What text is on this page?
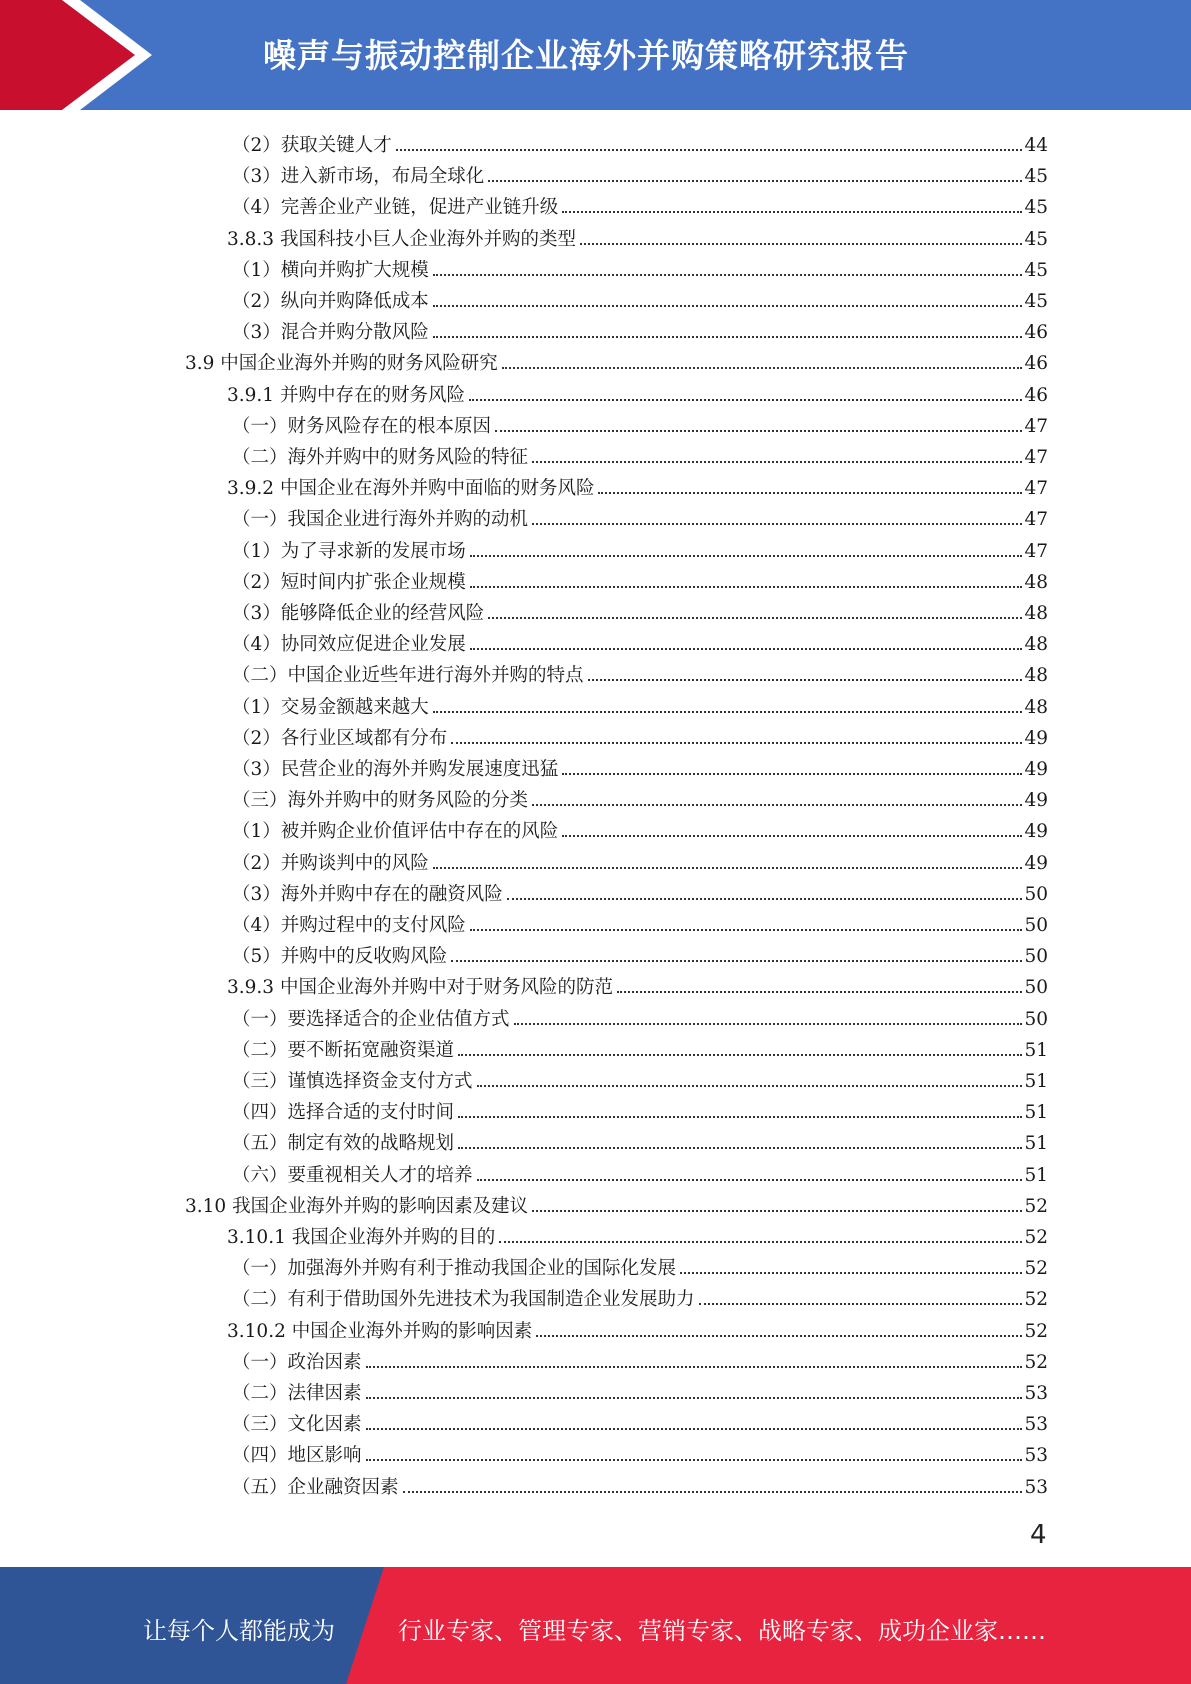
噪声与振动控制企业海外并购策略研究报告
（2）获取关键人才	44
（3）进入新市场，布局全球化	45
（4）完善企业产业链，促进产业链升级	45
3.8.3 我国科技小巨人企业海外并购的类型	45
（1）横向并购扩大规模	45
（2）纵向并购降低成本	45
（3）混合并购分散风险	46
3.9 中国企业海外并购的财务风险研究	46
3.9.1 并购中存在的财务风险	46
（一）财务风险存在的根本原因	47
（二）海外并购中的财务风险的特征	47
3.9.2 中国企业在海外并购中面临的财务风险	47
（一）我国企业进行海外并购的动机	47
（1）为了寻求新的发展市场	47
（2）短时间内扩张企业规模	48
（3）能够降低企业的经营风险	48
（4）协同效应促进企业发展	48
（二）中国企业近些年进行海外并购的特点	48
（1）交易金额越来越大	48
（2）各行业区域都有分布	49
（3）民营企业的海外并购发展速度迅猛	49
（三）海外并购中的财务风险的分类	49
（1）被并购企业价值评估中存在的风险	49
（2）并购谈判中的风险	49
（3）海外并购中存在的融资风险	50
（4）并购过程中的支付风险	50
（5）并购中的反收购风险	50
3.9.3 中国企业海外并购中对于财务风险的防范	50
（一）要选择适合的企业估值方式	50
（二）要不断拓宽融资渠道	51
（三）谨慎选择资金支付方式	51
（四）选择合适的支付时间	51
（五）制定有效的战略规划	51
（六）要重视相关人才的培养	51
3.10 我国企业海外并购的影响因素及建议	52
3.10.1 我国企业海外并购的目的	52
（一）加强海外并购有利于推动我国企业的国际化发展	52
（二）有利于借助国外先进技术为我国制造企业发展助力	52
3.10.2 中国企业海外并购的影响因素	52
（一）政治因素	52
（二）法律因素	53
（三）文化因素	53
（四）地区影响	53
（五）企业融资因素	53
4
让每个人都能成为	行业专家、管理专家、营销专家、战略专家、成功企业家……
